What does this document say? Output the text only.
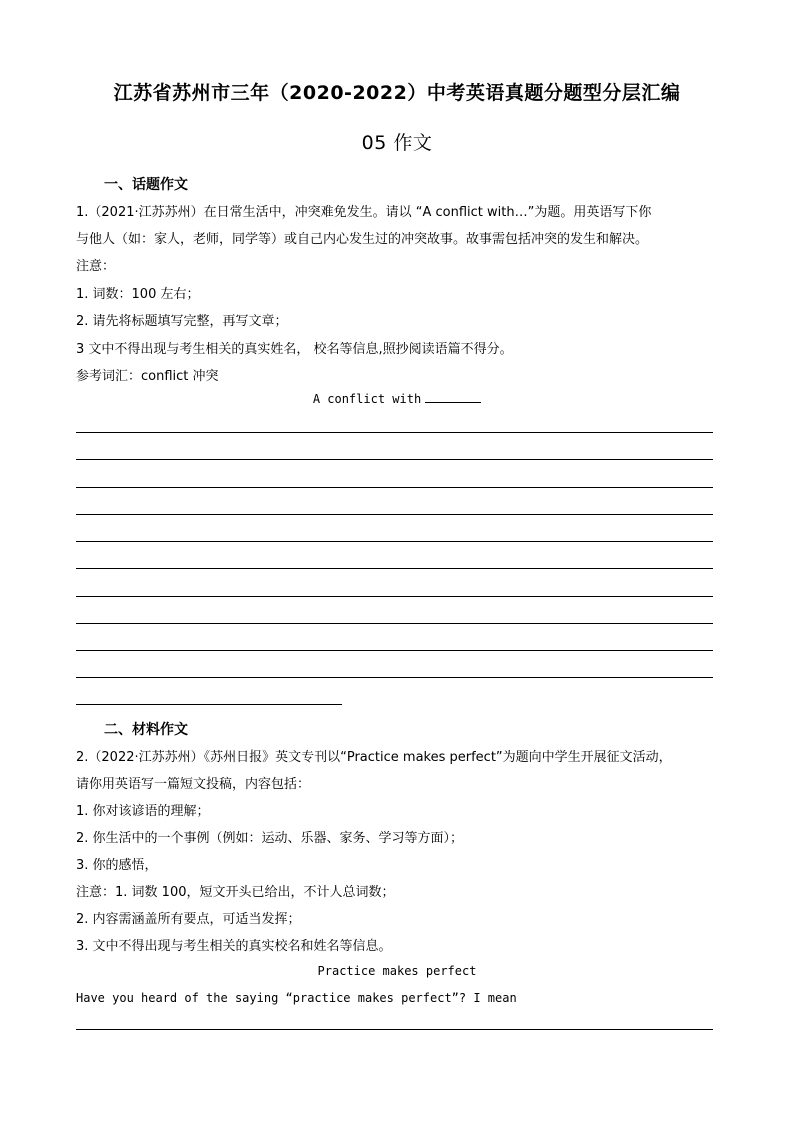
江苏省苏州市三年（2020-2022）中考英语真题分题型分层汇编
05 作文
一、话题作文
1.（2021·江苏苏州）在日常生活中，冲突难免发生。请以 “A conflict with…”为题。用英语写下你
与他人（如：家人，老师，同学等）或自己内心发生过的冲突故事。故事需包括冲突的发生和解决。
注意：
1. 词数：100 左右；
2. 请先将标题填写完整，再写文章；
3 文中不得出现与考生相关的真实姓名， 校名等信息,照抄阅读语篇不得分。
参考词汇：conflict 冲突
A conflict with
二、材料作文
2.（2022·江苏苏州）《苏州日报》英文专刊以“Practice makes perfect”为题向中学生开展征文活动，
请你用英语写一篇短文投稿，内容包括：
1. 你对该谚语的理解；
2. 你生活中的一个事例（例如：运动、乐器、家务、学习等方面）；
3. 你的感悟，
注意：1. 词数 100，短文开头已给出，不计人总词数；
2. 内容需涵盖所有要点，可适当发挥；
3. 文中不得出现与考生相关的真实校名和姓名等信息。
Practice makes perfect
Have you heard of the saying “practice makes perfect”? I mean
